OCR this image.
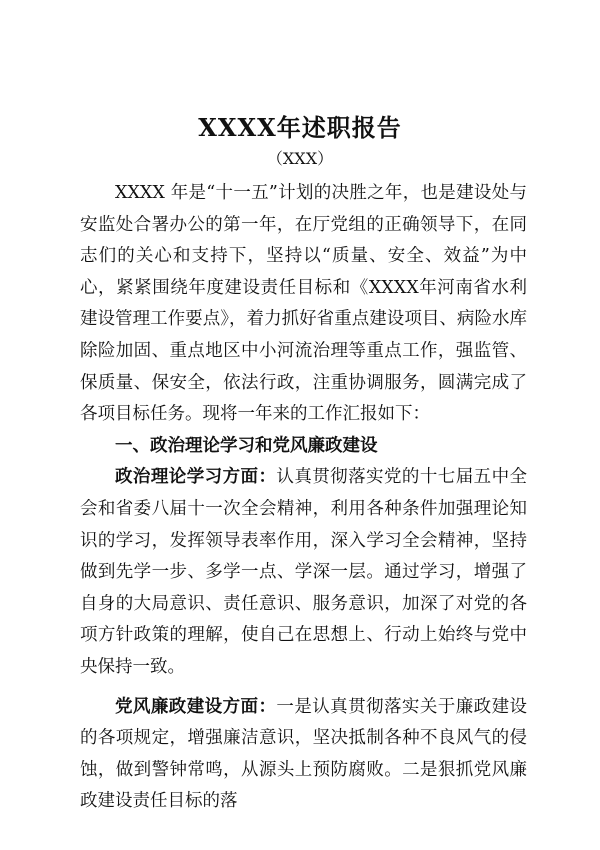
XXXX年述职报告
（XXX）

XXXX 年是“十一五”计划的决胜之年，也是建设处与安监处合署办公的第一年，在厅党组的正确领导下，在同志们的关心和支持下，坚持以“质量、安全、效益”为中心，紧紧围绕年度建设责任目标和《XXXX年河南省水利建设管理工作要点》，着力抓好省重点建设项目、病险水库除险加固、重点地区中小河流治理等重点工作，强监管、保质量、保安全，依法行政，注重协调服务，圆满完成了各项目标任务。现将一年来的工作汇报如下：

一、政治理论学习和党风廉政建设

政治理论学习方面：认真贯彻落实党的十七届五中全会和省委八届十一次全会精神，利用各种条件加强理论知识的学习，发挥领导表率作用，深入学习全会精神，坚持做到先学一步、多学一点、学深一层。通过学习，增强了自身的大局意识、责任意识、服务意识，加深了对党的各项方针政策的理解，使自己在思想上、行动上始终与党中央保持一致。

党风廉政建设方面：一是认真贯彻落实关于廉政建设的各项规定，增强廉洁意识，坚决抵制各种不良风气的侵蚀，做到警钟常鸣，从源头上预防腐败。二是狠抓党风廉政建设责任目标的落
